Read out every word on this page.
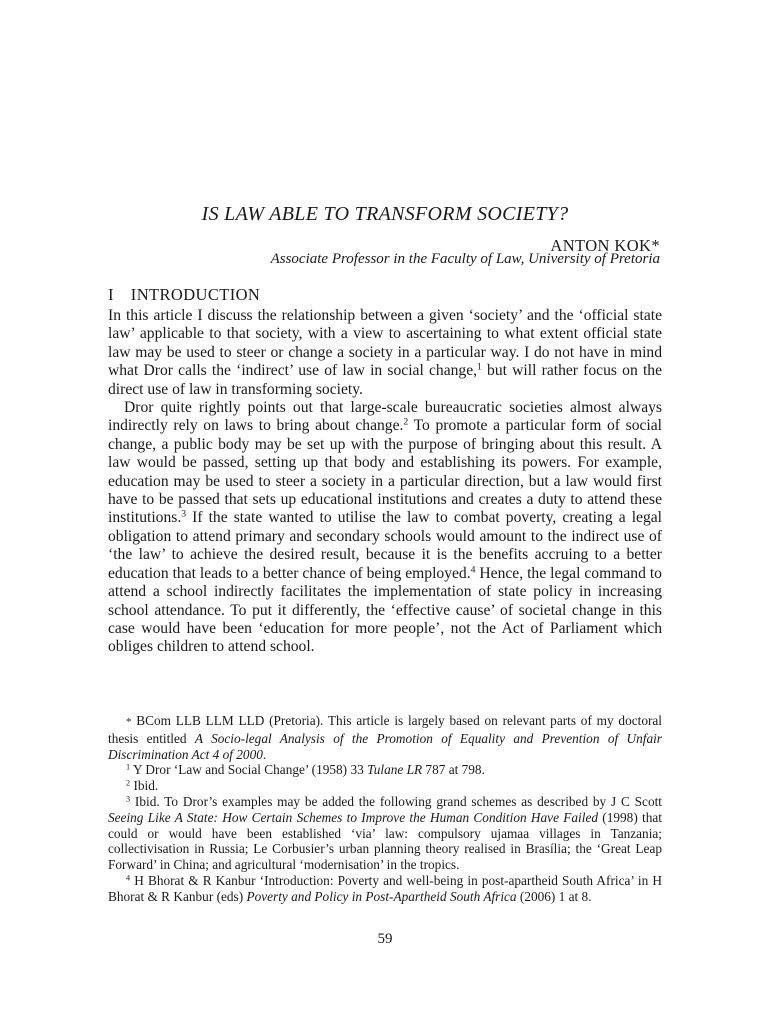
IS LAW ABLE TO TRANSFORM SOCIETY?
ANTON KOK*
Associate Professor in the Faculty of Law, University of Pretoria
I INTRODUCTION

In this article I discuss the relationship between a given ‘society’ and the ‘official state law’ applicable to that society, with a view to ascertaining to what extent official state law may be used to steer or change a society in a particular way. I do not have in mind what Dror calls the ‘indirect’ use of law in social change,$^1$ but will rather focus on the direct use of law in transforming society.

Dror quite rightly points out that large-scale bureaucratic societies almost always indirectly rely on laws to bring about change.$^2$ To promote a particular form of social change, a public body may be set up with the purpose of bringing about this result. A law would be passed, setting up that body and establishing its powers. For example, education may be used to steer a society in a particular direction, but a law would first have to be passed that sets up educational institutions and creates a duty to attend these institutions.$^3$ If the state wanted to utilise the law to combat poverty, creating a legal obligation to attend primary and secondary schools would amount to the indirect use of ‘the law’ to achieve the desired result, because it is the benefits accruing to a better education that leads to a better chance of being employed.$^4$ Hence, the legal command to attend a school indirectly facilitates the implementation of state policy in increasing school attendance. To put it differently, the ‘effective cause’ of societal change in this case would have been ‘education for more people’, not the Act of Parliament which obliges children to attend school.

* BCom LLB LLM LLD (Pretoria). This article is largely based on relevant parts of my doctoral thesis entitled A Socio-legal Analysis of the Promotion of Equality and Prevention of Unfair Discrimination Act 4 of 2000.

$^1$ Y Dror ‘Law and Social Change’ (1958) 33 Tulane LR 787 at 798.

$^2$ Ibid.

$^3$ Ibid. To Dror’s examples may be added the following grand schemes as described by J C Scott Seeing Like A State: How Certain Schemes to Improve the Human Condition Have Failed (1998) that could or would have been established ‘via’ law: compulsory ujamaa villages in Tanzania; collectivisation in Russia; Le Corbusier’s urban planning theory realised in Brasília; the ‘Great Leap Forward’ in China; and agricultural ‘modernisation’ in the tropics.

$^4$ H Bhorat & R Kanbur ‘Introduction: Poverty and well-being in post-apartheid South Africa’ in H Bhorat & R Kanbur (eds) Poverty and Policy in Post-Apartheid South Africa (2006) 1 at 8.

59
